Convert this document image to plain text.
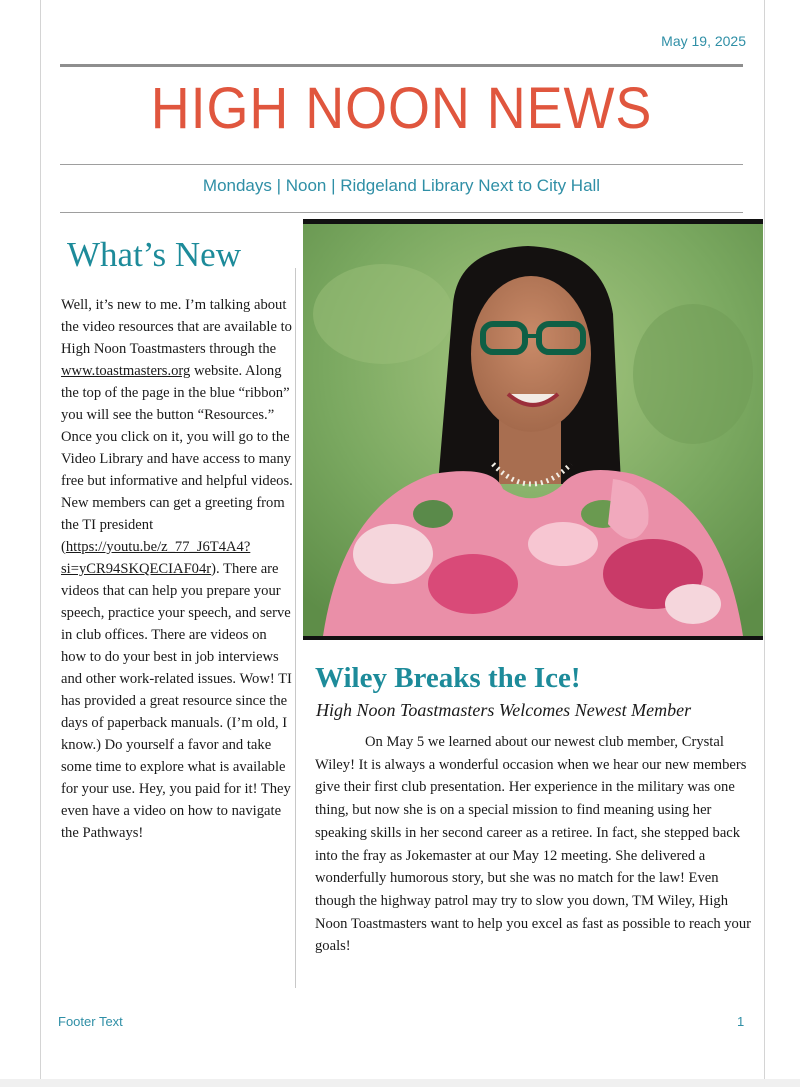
May 19, 2025
HIGH NOON NEWS
Mondays | Noon | Ridgeland Library Next to City Hall
What’s New
Well, it’s new to me. I’m talking about the video resources that are available to High Noon Toastmasters through the www.toastmasters.org website. Along the top of the page in the blue “ribbon” you will see the button “Resources.” Once you click on it, you will go to the Video Library and have access to many free but informative and helpful videos. New members can get a greeting from the TI president (https://youtu.be/z_77_J6T4A4?si=yCR94SKQECIAF04r). There are videos that can help you prepare your speech, practice your speech, and serve in club offices. There are videos on how to do your best in job interviews and other work-related issues. Wow! TI has provided a great resource since the days of paperback manuals. (I’m old, I know.) Do yourself a favor and take some time to explore what is available for your use. Hey, you paid for it! They even have a video on how to navigate the Pathways!
Wiley Breaks the Ice!
High Noon Toastmasters Welcomes Newest Member
On May 5 we learned about our newest club member, Crystal Wiley! It is always a wonderful occasion when we hear our new members give their first club presentation. Her experience in the military was one thing, but now she is on a special mission to find meaning using her speaking skills in her second career as a retiree. In fact, she stepped back into the fray as Jokemaster at our May 12 meeting. She delivered a wonderfully humorous story, but she was no match for the law! Even though the highway patrol may try to slow you down, TM Wiley, High Noon Toastmasters want to help you excel as fast as possible to reach your goals!
Footer Text	1
